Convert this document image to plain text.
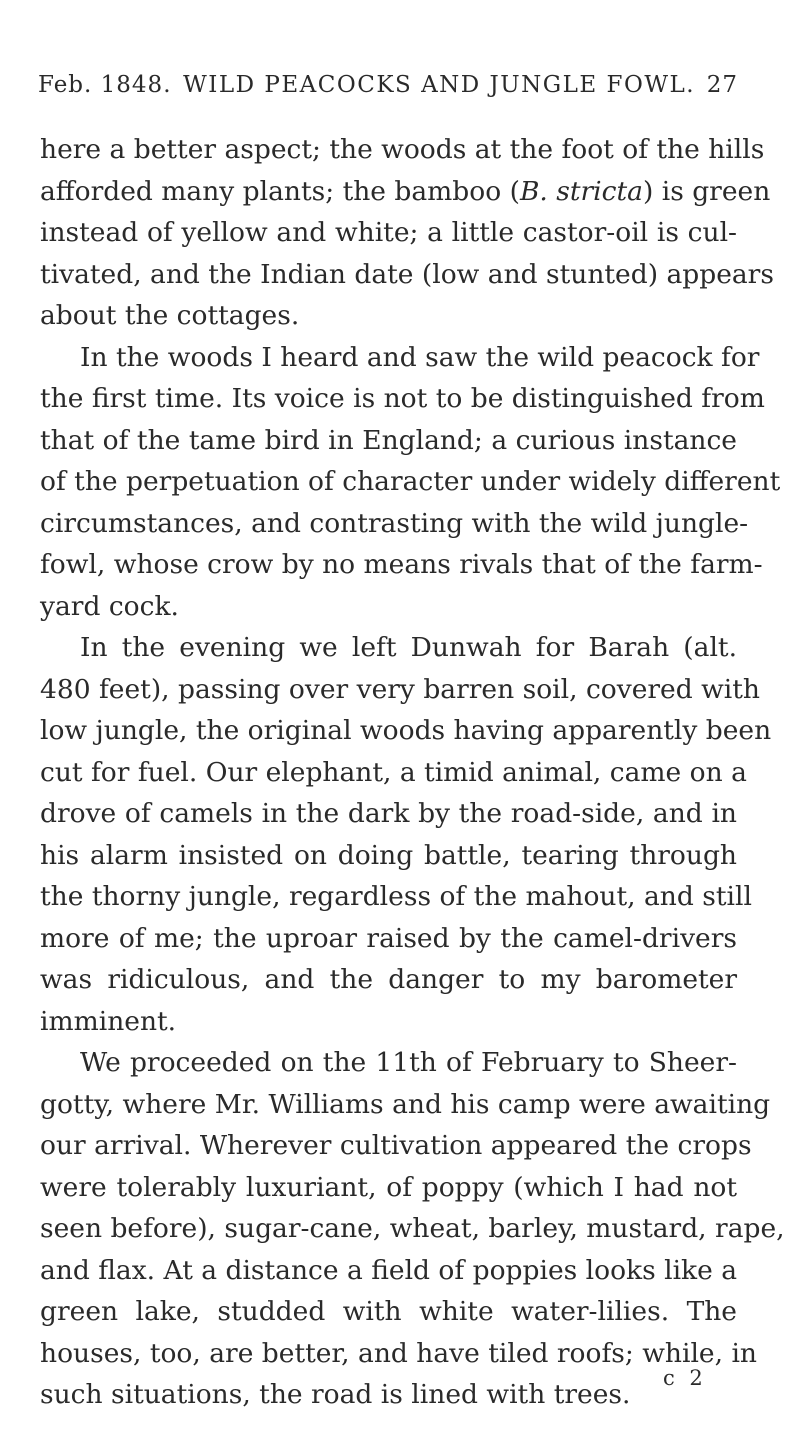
Feb. 1848. WILD PEACOCKS AND JUNGLE FOWL. 27
here a better aspect; the woods at the foot of the hills
afforded many plants; the bamboo (B. stricta) is green
instead of yellow and white; a little castor-oil is cul-
tivated, and the Indian date (low and stunted) appears
about the cottages.
In the woods I heard and saw the wild peacock for
the first time. Its voice is not to be distinguished from
that of the tame bird in England; a curious instance
of the perpetuation of character under widely different
circumstances, and contrasting with the wild jungle-
fowl, whose crow by no means rivals that of the farm-
yard cock.
In the evening we left Dunwah for Barah (alt.
480 feet), passing over very barren soil, covered with
low jungle, the original woods having apparently been
cut for fuel. Our elephant, a timid animal, came on a
drove of camels in the dark by the road-side, and in
his alarm insisted on doing battle, tearing through
the thorny jungle, regardless of the mahout, and still
more of me; the uproar raised by the camel-drivers
was ridiculous, and the danger to my barometer
imminent.
We proceeded on the 11th of February to Sheer-
gotty, where Mr. Williams and his camp were awaiting
our arrival. Wherever cultivation appeared the crops
were tolerably luxuriant, of poppy (which I had not
seen before), sugar-cane, wheat, barley, mustard, rape,
and flax. At a distance a field of poppies looks like a
green lake, studded with white water-lilies. The
houses, too, are better, and have tiled roofs; while, in
such situations, the road is lined with trees.
c 2
